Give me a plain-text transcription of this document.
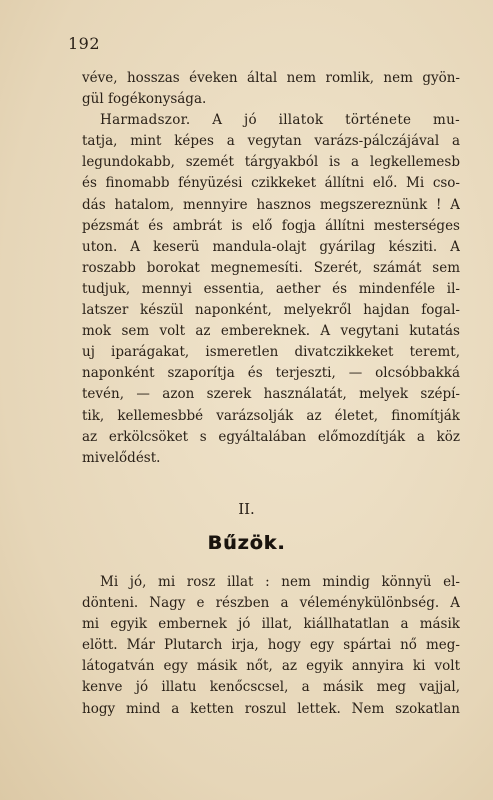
192
véve, hosszas éveken által nem romlik, nem gyön-
gül fogékonysága.
Harmadszor. A jó illatok története mu-
tatja, mint képes a vegytan varázs-pálczájával a
legundokabb, szemét tárgyakból is a legkellemesb
és finomabb fényüzési czikkeket állítni elő. Mi cso-
dás hatalom, mennyire hasznos megszereznünk ! A
pézsmát és ambrát is elő fogja állítni mesterséges
uton. A keserü mandula-olajt gyárilag késziti. A
roszabb borokat megnemesíti. Szerét, számát sem
tudjuk, mennyi essentia, aether és mindenféle il-
latszer készül naponként, melyekről hajdan fogal-
mok sem volt az embereknek. A vegytani kutatás
uj iparágakat, ismeretlen divatczikkeket teremt,
naponként szaporítja és terjeszti, — olcsóbbakká
tevén, — azon szerek használatát, melyek szépí-
tik, kellemesbbé varázsolják az életet, finomítják
az erkölcsöket s egyáltalában előmozdítják a köz
mivelődést.
II.
Bűzök.
Mi jó, mi rosz illat : nem mindig könnyü el-
dönteni. Nagy e részben a véleménykülönbség. A
mi egyik embernek jó illat, kiállhatatlan a másik
elött. Már Plutarch irja, hogy egy spártai nő meg-
látogatván egy másik nőt, az egyik annyira ki volt
kenve jó illatu kenőcscsel, a másik meg vajjal,
hogy mind a ketten roszul lettek. Nem szokatlan
